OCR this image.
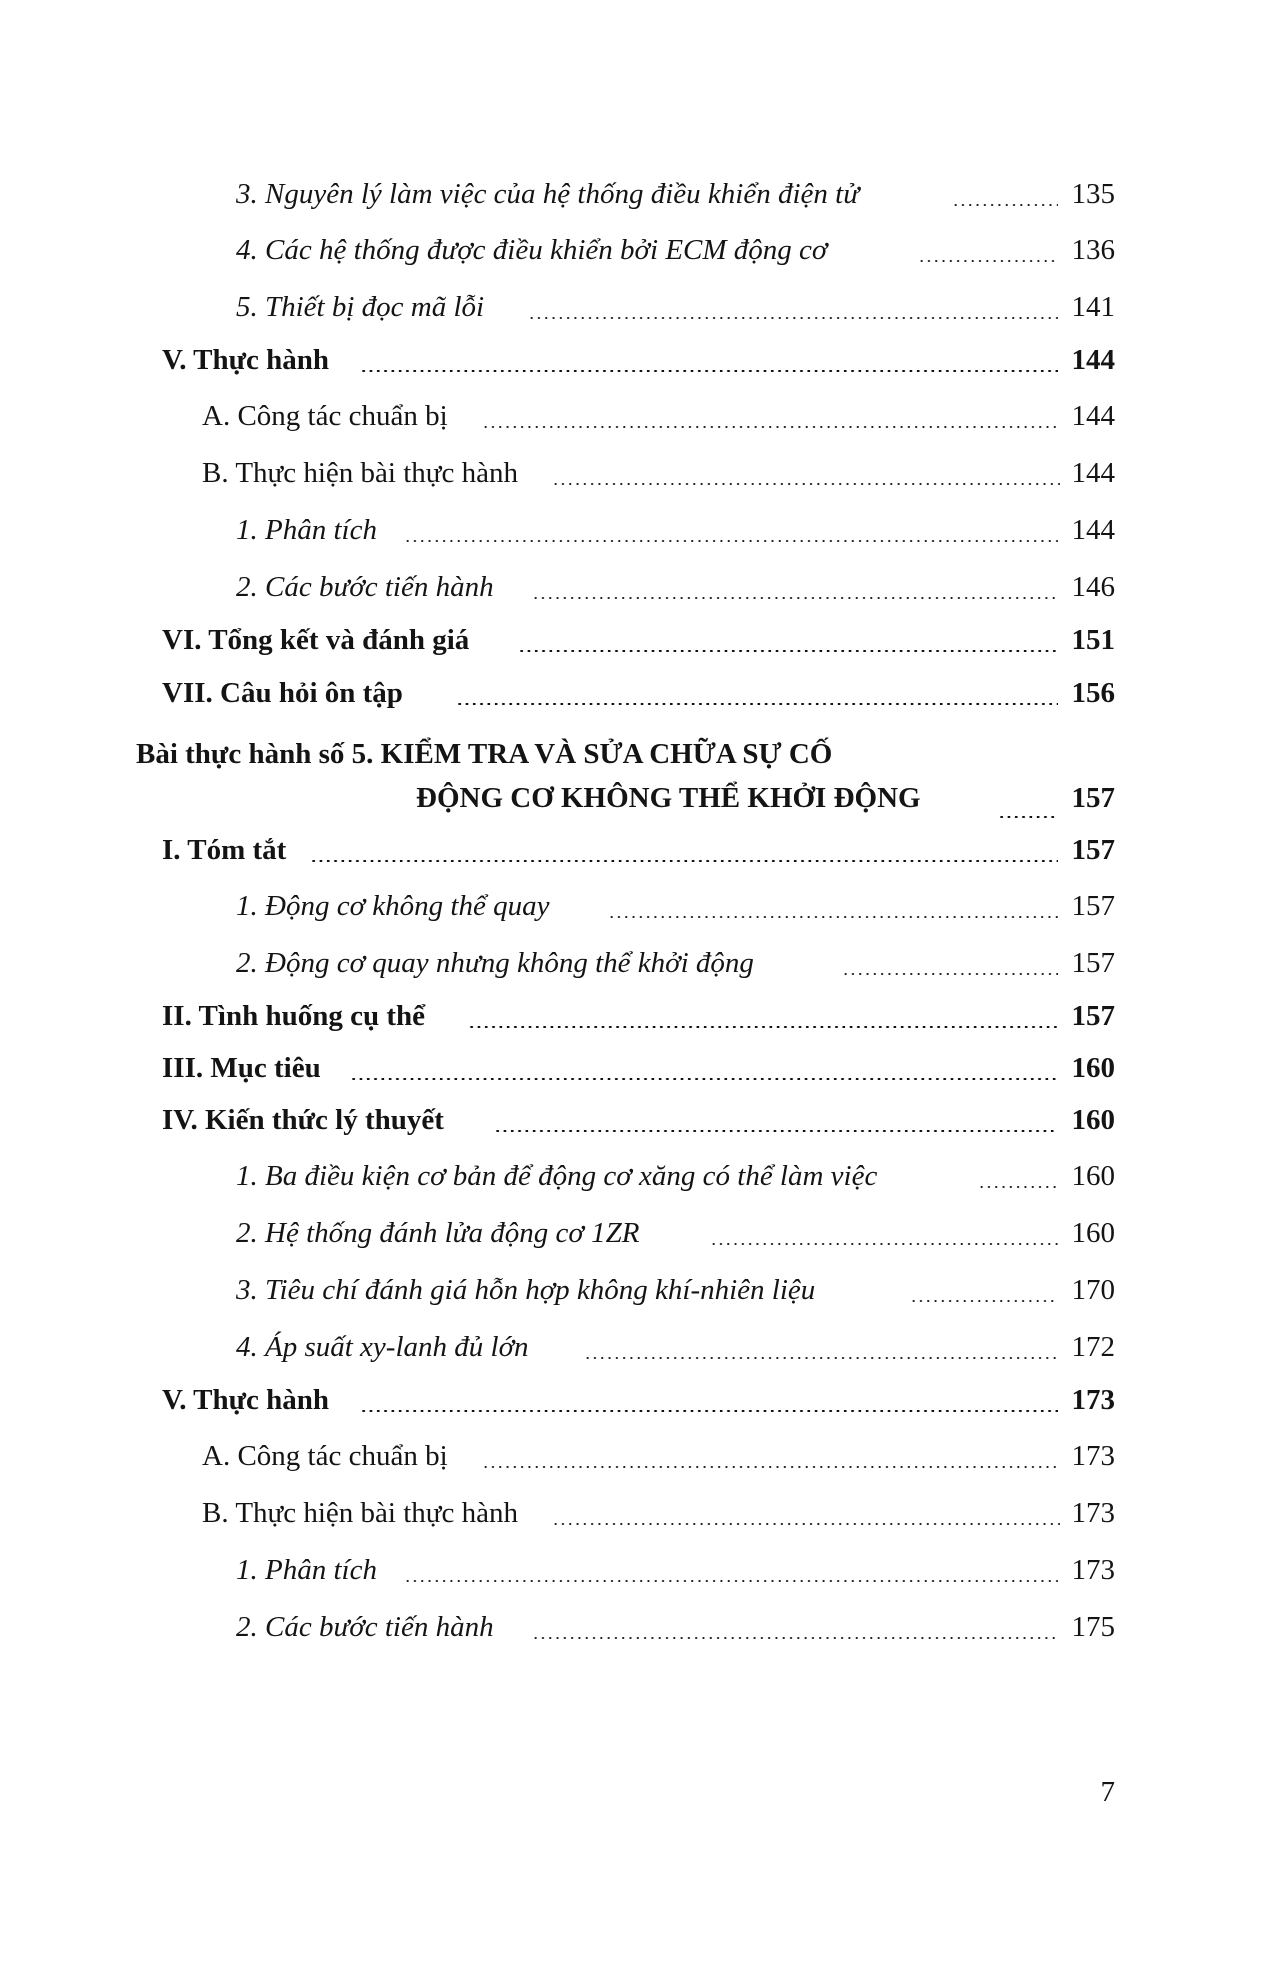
3. Nguyên lý làm việc của hệ thống điều khiển điện tử	135
4. Các hệ thống được điều khiển bởi ECM động cơ	136
5. Thiết bị đọc mã lỗi	141
V. Thực hành	144
A. Công tác chuẩn bị	144
B. Thực hiện bài thực hành	144
1. Phân tích	144
2. Các bước tiến hành	146
VI. Tổng kết và đánh giá	151
VII. Câu hỏi ôn tập	156
Bài thực hành số 5. KIỂM TRA VÀ SỬA CHỮA SỰ CỐ
ĐỘNG CƠ KHÔNG THỂ KHỞI ĐỘNG	157
I. Tóm tắt	157
1. Động cơ không thể quay	157
2. Động cơ quay nhưng không thể khởi động	157
II. Tình huống cụ thể	157
III. Mục tiêu	160
IV. Kiến thức lý thuyết	160
1. Ba điều kiện cơ bản để động cơ xăng có thể làm việc	160
2. Hệ thống đánh lửa động cơ 1ZR	160
3. Tiêu chí đánh giá hỗn hợp không khí-nhiên liệu	170
4. Áp suất xy-lanh đủ lớn	172
V. Thực hành	173
A. Công tác chuẩn bị	173
B. Thực hiện bài thực hành	173
1. Phân tích	173
2. Các bước tiến hành	175
7
